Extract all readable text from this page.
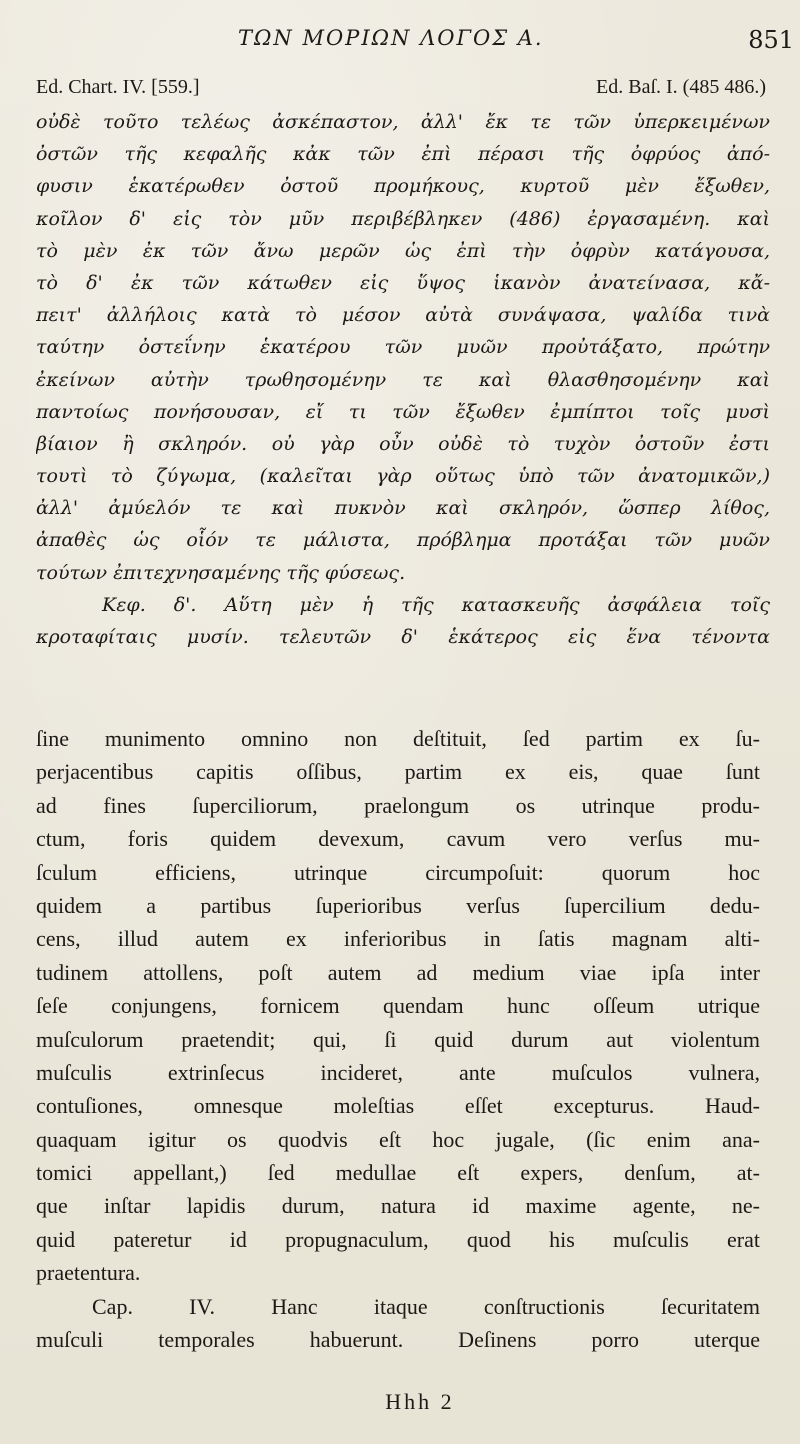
ΤΩΝ ΜΟΡΙΩΝ ΛΟΓΟΣ Α.	851
Ed. Chart. IV. [559.]	Ed. Baſ. I. (485 486.)
οὐδὲ τοῦτο τελέως ἀσκέπαστον, ἀλλ' ἔκ τε τῶν ὑπερκειμένων
ὀστῶν τῆς κεφαλῆς κἀκ τῶν ἐπὶ πέρασι τῆς ὀφρύος ἀπό-
φυσιν ἑκατέρωθεν ὀστοῦ προμήκους, κυρτοῦ μὲν ἔξωθεν,
κοῖλον δ' εἰς τὸν μῦν περιβέβληκεν (486) ἐργασαμένη. καὶ
τὸ μὲν ἐκ τῶν ἄνω μερῶν ὡς ἐπὶ τὴν ὀφρὺν κατάγουσα,
τὸ δ' ἐκ τῶν κάτωθεν εἰς ὕψος ἱκανὸν ἀνατείνασα, κἄ-
πειτ' ἀλλήλοις κατὰ τὸ μέσον αὐτὰ συνάψασα, ψαλίδα τινὰ
ταύτην ὀστεΐνην ἑκατέρου τῶν μυῶν προὐτάξατο, πρώτην
ἐκείνων αὐτὴν τρωθησομένην τε καὶ θλασθησομένην καὶ
παντοίως πονήσουσαν, εἴ τι τῶν ἔξωθεν ἐμπίπτοι τοῖς μυσὶ
βίαιον ἢ σκληρόν. οὐ γὰρ οὖν οὐδὲ τὸ τυχὸν ὀστοῦν ἐστι
τουτὶ τὸ ζύγωμα, (καλεῖται γὰρ οὕτως ὑπὸ τῶν ἀνατομικῶν,)
ἀλλ' ἀμύελόν τε καὶ πυκνὸν καὶ σκληρόν, ὥσπερ λίθος,
ἀπαθὲς ὡς οἷόν τε μάλιστα, πρόβλημα προτάξαι τῶν μυῶν
τούτων ἐπιτεχνησαμένης τῆς φύσεως.
Κεφ. δ'. Αὕτη μὲν ἡ τῆς κατασκευῆς ἀσφάλεια τοῖς
κροταφίταις μυσίν. τελευτῶν δ' ἑκάτερος εἰς ἕνα τένοντα
ſine munimento omnino non deſtituit, ſed partim ex ſu-
perjacentibus capitis oſſibus, partim ex eis, quae ſunt
ad fines ſuperciliorum, praelongum os utrinque produ-
ctum, foris quidem devexum, cavum vero verſus mu-
ſculum efficiens, utrinque circumpoſuit: quorum hoc
quidem a partibus ſuperioribus verſus ſupercilium dedu-
cens, illud autem ex inferioribus in ſatis magnam alti-
tudinem attollens, poſt autem ad medium viae ipſa inter
ſeſe conjungens, fornicem quendam hunc oſſeum utrique
muſculorum praetendit; qui, ſi quid durum aut violentum
muſculis extrinſecus incideret, ante muſculos vulnera,
contuſiones, omnesque moleſtias eſſet excepturus. Haud-
quaquam igitur os quodvis eſt hoc jugale, (ſic enim ana-
tomici appellant,) ſed medullae eſt expers, denſum, at-
que inſtar lapidis durum, natura id maxime agente, ne-
quid pateretur id propugnaculum, quod his muſculis erat
praetentura.
Cap. IV. Hanc itaque conſtructionis ſecuritatem
muſculi temporales habuerunt. Deſinens porro uterque
Hhh 2
